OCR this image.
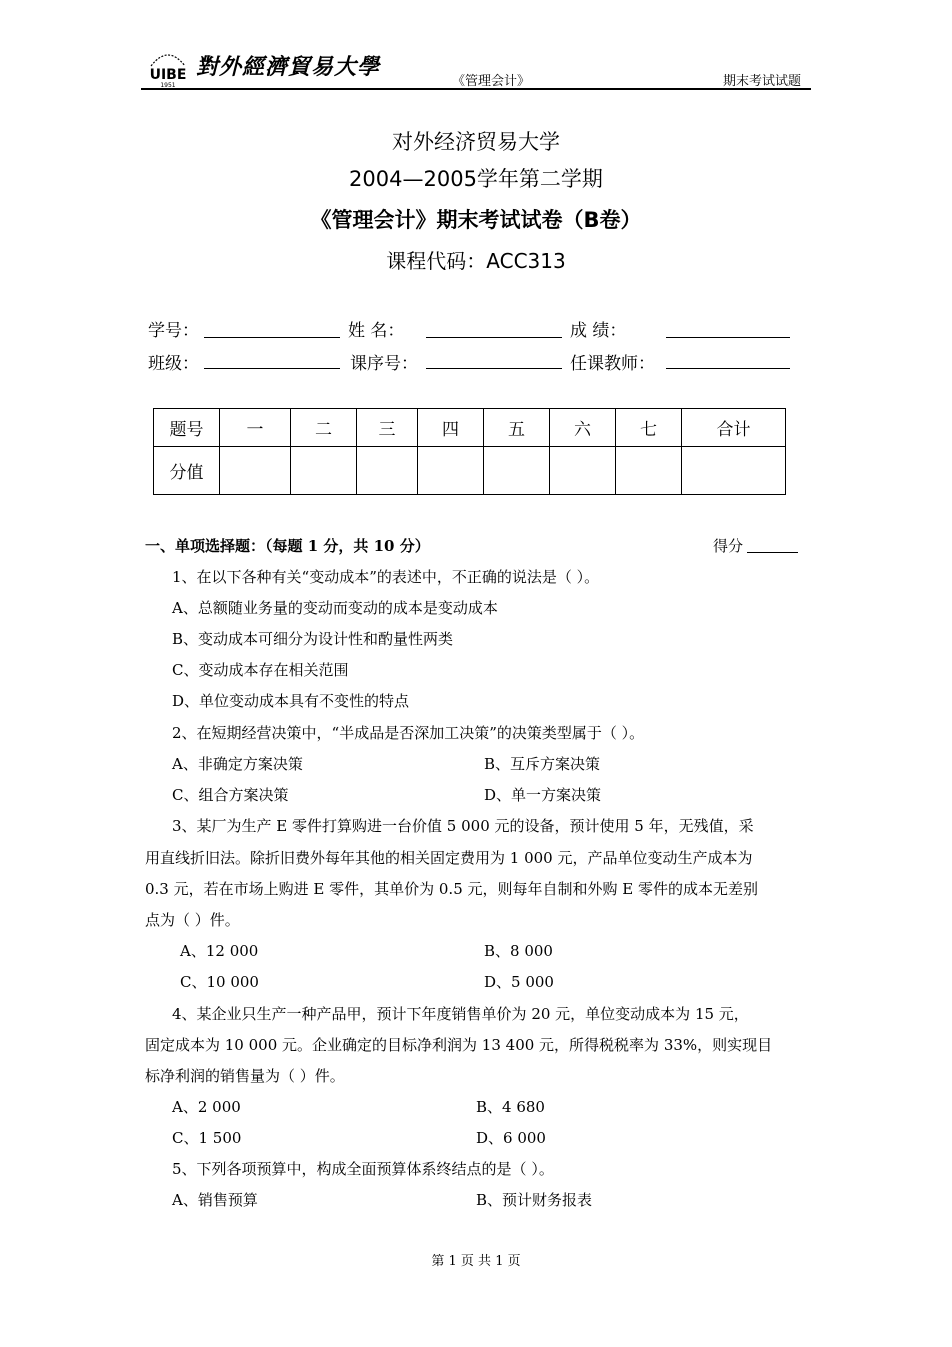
UIBE
1951
對外經濟貿易大學
《管理会计》	期末考试试题
对外经济贸易大学
2004—2005学年第二学期
《管理会计》期末考试试卷（B卷）
课程代码：ACC313
学号：	姓 名：	成 绩：
班级：	课序号：	任课教师：
题号	一	二	三	四	五	六	七	合计
分值								
一、单项选择题：（每题 1 分，共 10 分）	得分
1、在以下各种有关“变动成本”的表述中，不正确的说法是（ ）。
A、总额随业务量的变动而变动的成本是变动成本
B、变动成本可细分为设计性和酌量性两类
C、变动成本存在相关范围
D、单位变动成本具有不变性的特点
2、在短期经营决策中，“半成品是否深加工决策”的决策类型属于（ ）。
A、非确定方案决策	B、互斥方案决策
C、组合方案决策	D、单一方案决策
3、某厂为生产 E 零件打算购进一台价值 5 000 元的设备，预计使用 5 年，无残值，采
用直线折旧法。除折旧费外每年其他的相关固定费用为 1 000 元，产品单位变动生产成本为
0.3 元，若在市场上购进 E 零件，其单价为 0.5 元，则每年自制和外购 E 零件的成本无差别
点为（ ）件。
A、12 000	B、8 000
C、10 000	D、5 000
4、某企业只生产一种产品甲，预计下年度销售单价为 20 元，单位变动成本为 15 元，
固定成本为 10 000 元。企业确定的目标净利润为 13 400 元，所得税税率为 33%，则实现目
标净利润的销售量为（ ）件。
A、2 000	B、4 680
C、1 500	D、6 000
5、下列各项预算中，构成全面预算体系终结点的是（ ）。
A、销售预算	B、预计财务报表
第 1 页 共 1 页
